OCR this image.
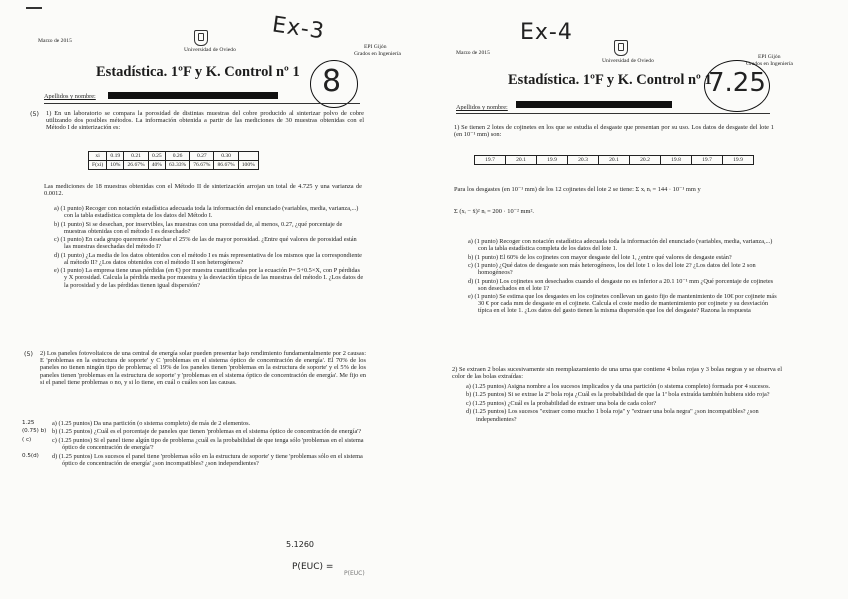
Marzo de 2015
Universidad de Oviedo	EPI Gijón
Grados en Ingeniería
Ex-3
Estadística. 1ºF y K. Control nº 1 8
Apellidos y nombre:
(5) 1) En un laboratorio se compara la porosidad de distintas muestras del cobre producido al sinterizar polvo de cobre utilizando dos posibles métodos. La información obtenida a partir de las mediciones de 30 muestras obtenidas con el Método I de sinterización es:
xi	0.19	0.21	0.25	0.26	0.27	0.30	
F(xi)	10%	26.67%	40%	63.33%	76.67%	86.67%	100%
Las mediciones de 18 muestras obtenidas con el Método II de sinterización arrojan un total de 4.725 y una varianza de 0.0012.

a) (1 punto) Recoger con notación estadística adecuada toda la información del enunciado (variables, media, varianza,...) con la tabla estadística completa de los datos del Método I.

b) (1 punto) Si se desechan, por inservibles, las muestras con una porosidad de, al menos, 0.27, ¿qué porcentaje de muestras obtenidas con el método I es desechado?

c) (1 punto) En cada grupo queremos desechar el 25% de las de mayor porosidad. ¿Entre qué valores de porosidad están las muestras desechadas del método I?

d) (1 punto) ¿La media de los datos obtenidos con el método I es más representativa de los mismos que la correspondiente al método II? ¿Los datos obtenidos con el método II son heterogéneos?

e) (1 punto) La empresa tiene unas pérdidas (en €) por muestra cuantificadas por la ecuación P= 5+0.5×X, con P pérdidas y X porosidad. Calcula la pérdida media por muestra y la desviación típica de las muestras del método I. ¿Los datos de la porosidad y de las pérdidas tienen igual dispersión?

(5) 2) Los paneles fotovoltaicos de una central de energía solar pueden presentar bajo rendimiento fundamentalmente por 2 causas: E 'problemas en la estructura de soporte' y C 'problemas en el sistema óptico de concentración de energía'. El 70% de los paneles no tienen ningún tipo de problema; el 19% de los paneles tienen 'problemas en la estructura de soporte' y el 5% de los paneles tienen 'problemas en la estructura de soporte' y 'problemas en el sistema óptico de concentración de energía'. Me fijo en si el panel tiene problemas o no, y si lo tiene, en cuál o cuáles son las causas.
1.25	a) (1.25 puntos) Da una partición (o sistema completo) de más de 2 elementos.

(0.75) b) b) (1.25 puntos) ¿Cuál es el porcentaje de paneles que tienen 'problemas en el sistema óptico de concentración de energía'?

( c)	c) (1.25 puntos) Si el panel tiene algún tipo de problema ¿cuál es la probabilidad de que tenga sólo 'problemas en el sistema óptico de concentración de energía'?

0.5(d)	d) (1.25 puntos) Los sucesos el panel tiene 'problemas sólo en la estructura de soporte' y tiene 'problemas sólo en el sistema óptico de concentración de energía' ¿son incompatibles? ¿son independientes?

5.1260
P(EUC) =
P(EUC)
Marzo de 2015
Universidad de Oviedo
EPI Gijón
Grados en Ingeniería
Ex-4
Estadística. 1ºF y K. Control nº 1
7.25
Apellidos y nombre:
1) Se tienen 2 lotes de cojinetes en los que se estudia el desgaste que presentan por su uso. Los datos de desgaste del lote 1 (en 10⁻¹ mm) son:
19.7	20.1	19.9	20.3	20.1	20.2	19.8	19.7	19.9
Para los desgastes (en 10⁻¹ mm) de los 12 cojinetes del lote 2 se tiene: Σ xᵢ nᵢ = 144 · 10⁻¹ mm y
Σ (xᵢ − x̄)² nᵢ = 200 · 10⁻² mm².

a) (1 punto) Recoger con notación estadística adecuada toda la información del enunciado (variables, media, varianza,...) con la tabla estadística completa de los datos del lote 1.

b) (1 punto) El 60% de los cojinetes con mayor desgaste del lote 1, ¿entre qué valores de desgaste están?

c) (1 punto) ¿Qué datos de desgaste son más heterogéneos, los del lote 1 o los del lote 2? ¿Los datos del lote 2 son homogéneos?

d) (1 punto) Los cojinetes son desechados cuando el desgaste no es inferior a 20.1 10⁻¹ mm ¿Qué porcentaje de cojinetes son desechados en el lote 1?

e) (1 punto) Se estima que los desgastes en los cojinetes conllevan un gasto fijo de mantenimiento de 10€ por cojinete más 30 € por cada mm de desgaste en el cojinete. Calcula el coste medio de mantenimiento por cojinete y su desviación típica en el lote 1. ¿Los datos del gasto tienen la misma dispersión que los del desgaste? Razona la respuesta

2) Se extraen 2 bolas sucesivamente sin reemplazamiento de una urna que contiene 4 bolas rojas y 3 bolas negras y se observa el color de las bolas extraídas:

a) (1.25 puntos) Asigna nombre a los sucesos implicados y da una partición (o sistema completo) formada por 4 sucesos.

b) (1.25 puntos) Si se extrae la 2ª bola roja ¿Cuál es la probabilidad de que la 1ª bola extraída también hubiera sido roja?

c) (1.25 puntos) ¿Cuál es la probabilidad de extraer una bola de cada color?

d) (1.25 puntos) Los sucesos "extraer como mucho 1 bola roja" y "extraer una bola negra" ¿son incompatibles? ¿son independientes?
